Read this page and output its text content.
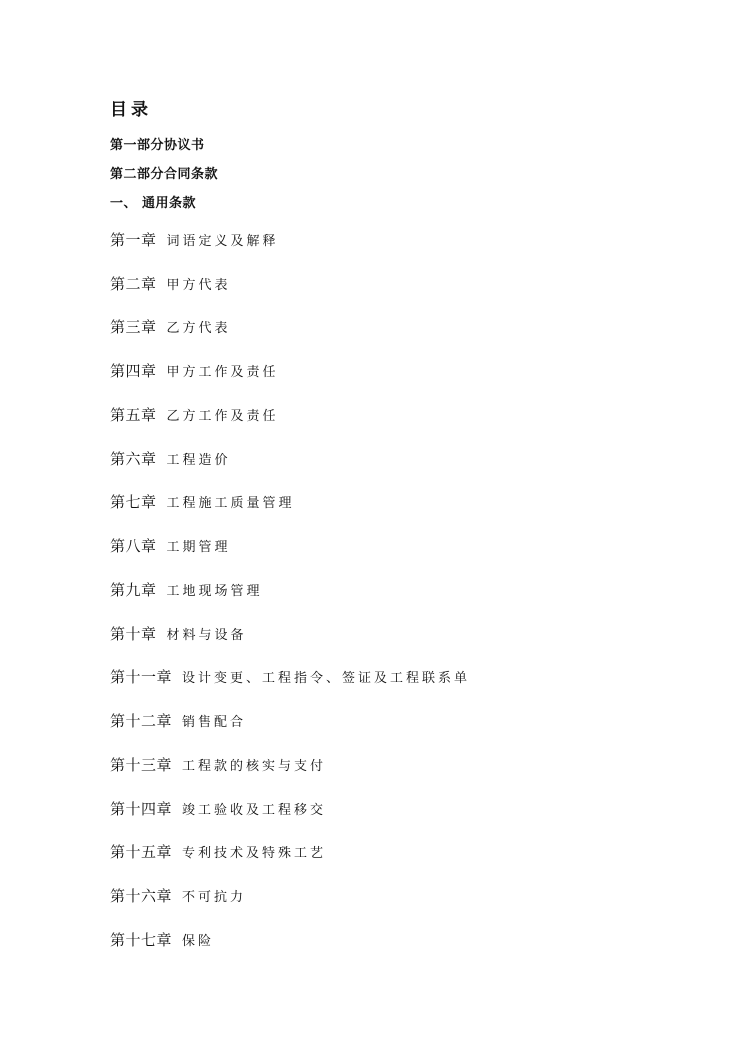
目录
第一部分协议书
第二部分合同条款
一、 通用条款
第一章 词语定义及解释
第二章 甲方代表
第三章 乙方代表
第四章 甲方工作及责任
第五章 乙方工作及责任
第六章 工程造价
第七章 工程施工质量管理
第八章 工期管理
第九章 工地现场管理
第十章 材料与设备
第十一章 设计变更、工程指令、签证及工程联系单
第十二章 销售配合
第十三章 工程款的核实与支付
第十四章 竣工验收及工程移交
第十五章 专利技术及特殊工艺
第十六章 不可抗力
第十七章 保险
